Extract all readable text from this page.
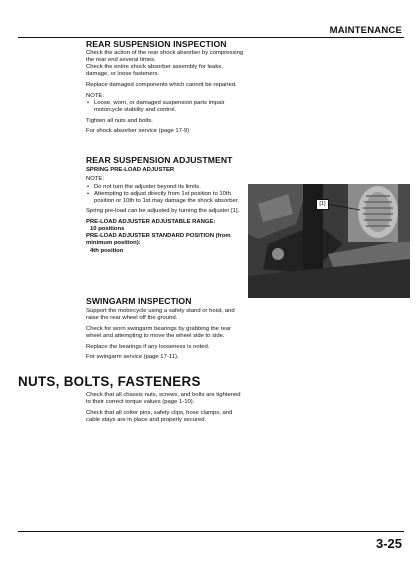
MAINTENANCE
REAR SUSPENSION INSPECTION

Check the action of the rear shock absorber by compressing the rear end several times.

Check the entire shock absorber assembly for leaks, damage, or loose fasteners.

Replace damaged components which cannot be repaired.

NOTE:

• Loose, worn, or damaged suspension parts impair motorcycle stability and control.

Tighten all nuts and bolts.

For shock absorber service (page 17-9)

REAR SUSPENSION ADJUSTMENT

SPRING PRE-LOAD ADJUSTER

NOTE:

• Do not turn the adjuster beyond its limits.
• Attempting to adjust directly from 1st position to 10th position or 10th to 1st may damage the shock absorber.

Spring pre-load can be adjusted by turning the adjuster [1].

PRE-LOAD ADJUSTER ADJUSTABLE RANGE:

10 positions

PRE-LOAD ADJUSTER STANDARD POSITION (from minimum position):

4th position

[1]
SWINGARM INSPECTION

Support the motorcycle using a safety stand or hoist, and raise the rear wheel off the ground.

Check for worn swingarm bearings by grabbing the rear wheel and attempting to move the wheel side to side.

Replace the bearings if any looseness is noted.

For swingarm service (page 17-11).

NUTS, BOLTS, FASTENERS

Check that all chassis nuts, screws, and bolts are tightened to their correct torque values (page 1-10).

Check that all cotter pins, safety clips, hose clamps, and cable stays are in place and properly secured.

3-25
